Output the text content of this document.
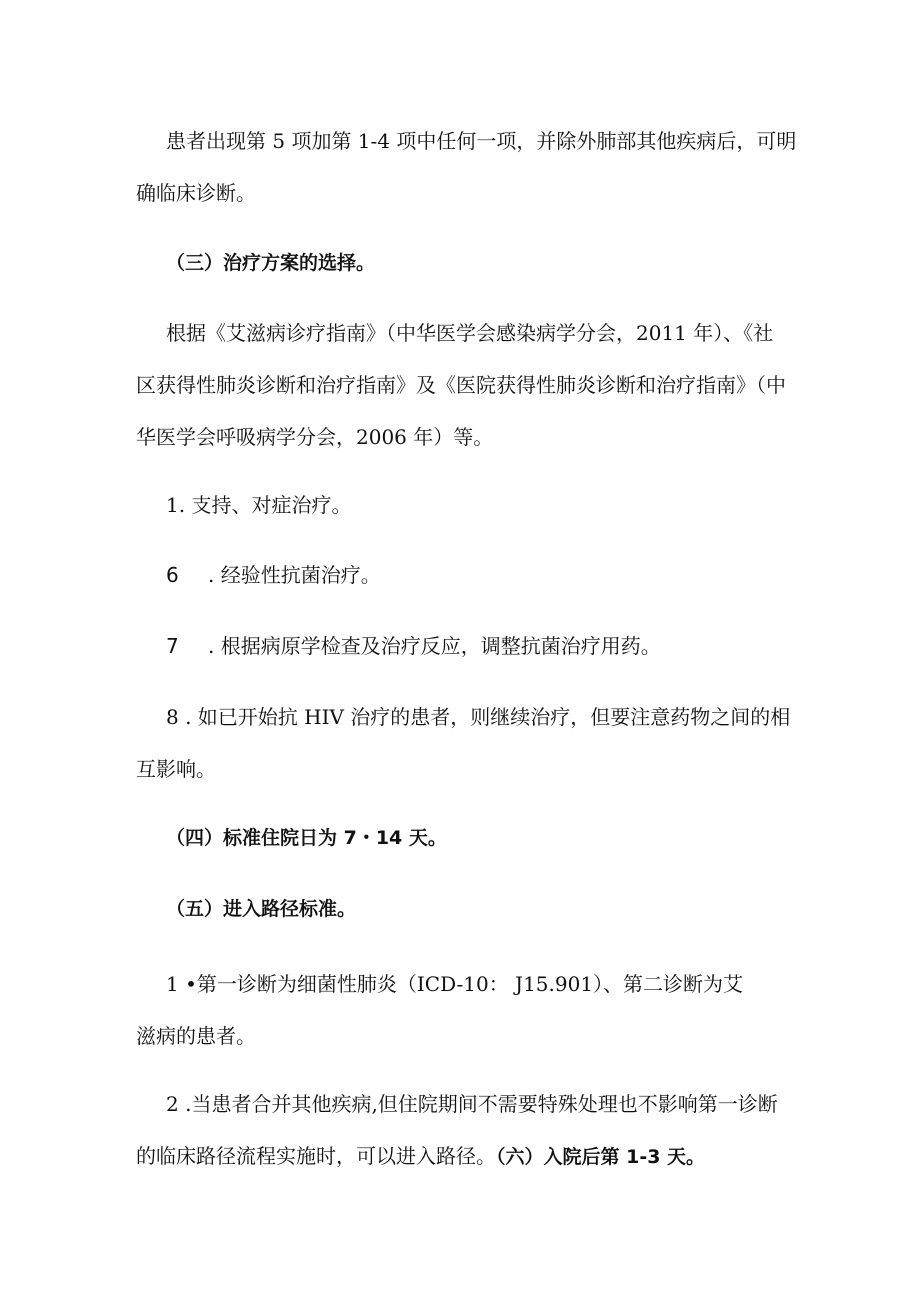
患者出现第 5 项加第 1-4 项中任何一项，并除外肺部其他疾病后，可明
确临床诊断。
（三）治疗方案的选择。
根据《艾滋病诊疗指南》（中华医学会感染病学分会，2011 年）、《社
区获得性肺炎诊断和治疗指南》及《医院获得性肺炎诊断和治疗指南》（中
华医学会呼吸病学分会，2006 年）等。
1. 支持、对症治疗。
6 . 经验性抗菌治疗。
7 . 根据病原学检查及治疗反应，调整抗菌治疗用药。
8 . 如已开始抗 HIV 治疗的患者，则继续治疗，但要注意药物之间的相
互影响。
（四）标准住院日为 7・14 天。
（五）进入路径标准。
1 •第一诊断为细菌性肺炎（ICD-10： J15.901）、第二诊断为艾
滋病的患者。
2 .当患者合并其他疾病,但住院期间不需要特殊处理也不影响第一诊断
的临床路径流程实施时，可以进入路径。（六）入院后第 1-3 天。
